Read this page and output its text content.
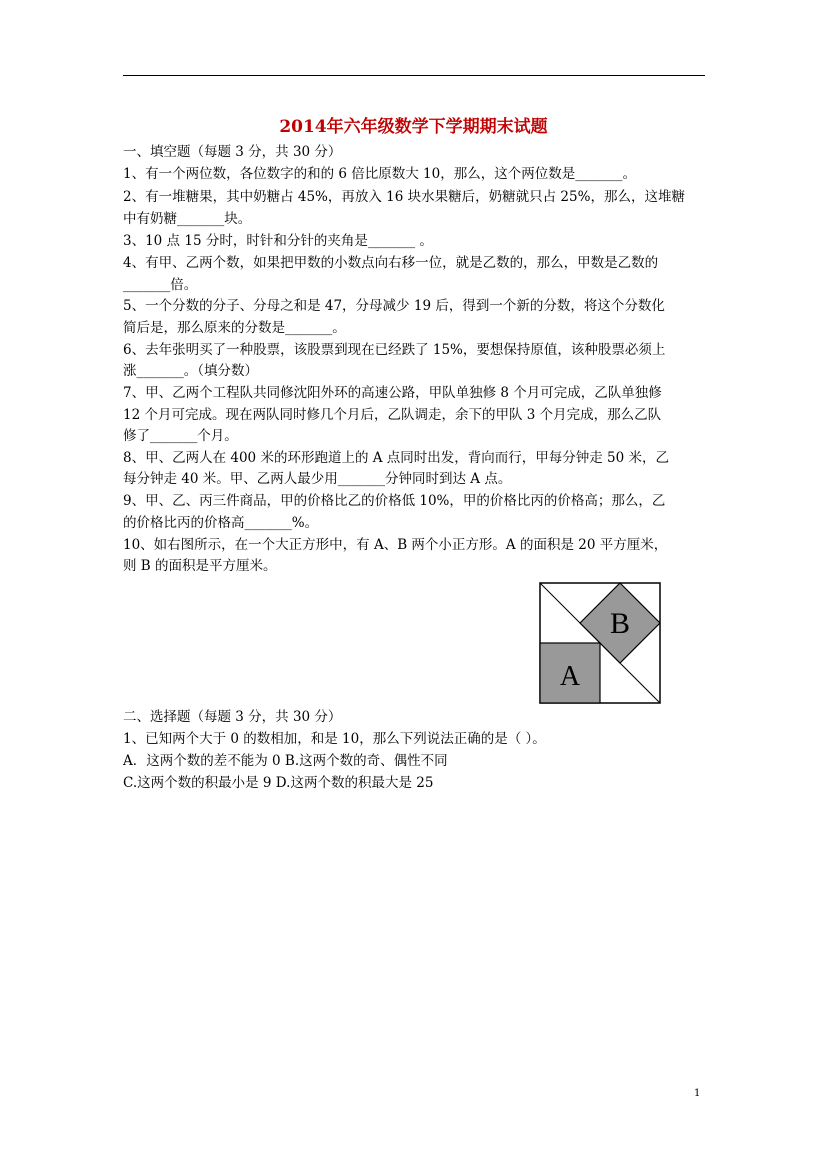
2014年六年级数学下学期期末试题
一、填空题（每题 3 分，共 30 分）
1、有一个两位数，各位数字的和的 6 倍比原数大 10，那么，这个两位数是_______。
2、有一堆糖果，其中奶糖占 45%，再放入 16 块水果糖后，奶糖就只占 25%，那么，这堆糖
中有奶糖_______块。
3、10 点 15 分时，时针和分针的夹角是_______ 。
4、有甲、乙两个数，如果把甲数的小数点向右移一位，就是乙数的，那么，甲数是乙数的
_______倍。
5、一个分数的分子、分母之和是 47，分母减少 19 后，得到一个新的分数，将这个分数化
简后是，那么原来的分数是_______。
6、去年张明买了一种股票，该股票到现在已经跌了 15%，要想保持原值，该种股票必须上
涨_______。（填分数）
7、甲、乙两个工程队共同修沈阳外环的高速公路，甲队单独修 8 个月可完成，乙队单独修
12 个月可完成。现在两队同时修几个月后，乙队调走，余下的甲队 3 个月完成，那么乙队
修了_______个月。
8、甲、乙两人在 400 米的环形跑道上的 A 点同时出发，背向而行，甲每分钟走 50 米，乙
每分钟走 40 米。甲、乙两人最少用_______分钟同时到达 A 点。
9、甲、乙、丙三件商品，甲的价格比乙的价格低 10%，甲的价格比丙的价格高；那么，乙
的价格比丙的价格高_______%。
10、如右图所示，在一个大正方形中，有 A、B 两个小正方形。A 的面积是 20 平方厘米，
则 B 的面积是平方厘米。
B
A
二、选择题（每题 3 分，共 30 分）
1、已知两个大于 0 的数相加，和是 10，那么下列说法正确的是（ ）。
A．这两个数的差不能为 0 B.这两个数的奇、偶性不同
C.这两个数的积最小是 9 D.这两个数的积最大是 25
1
